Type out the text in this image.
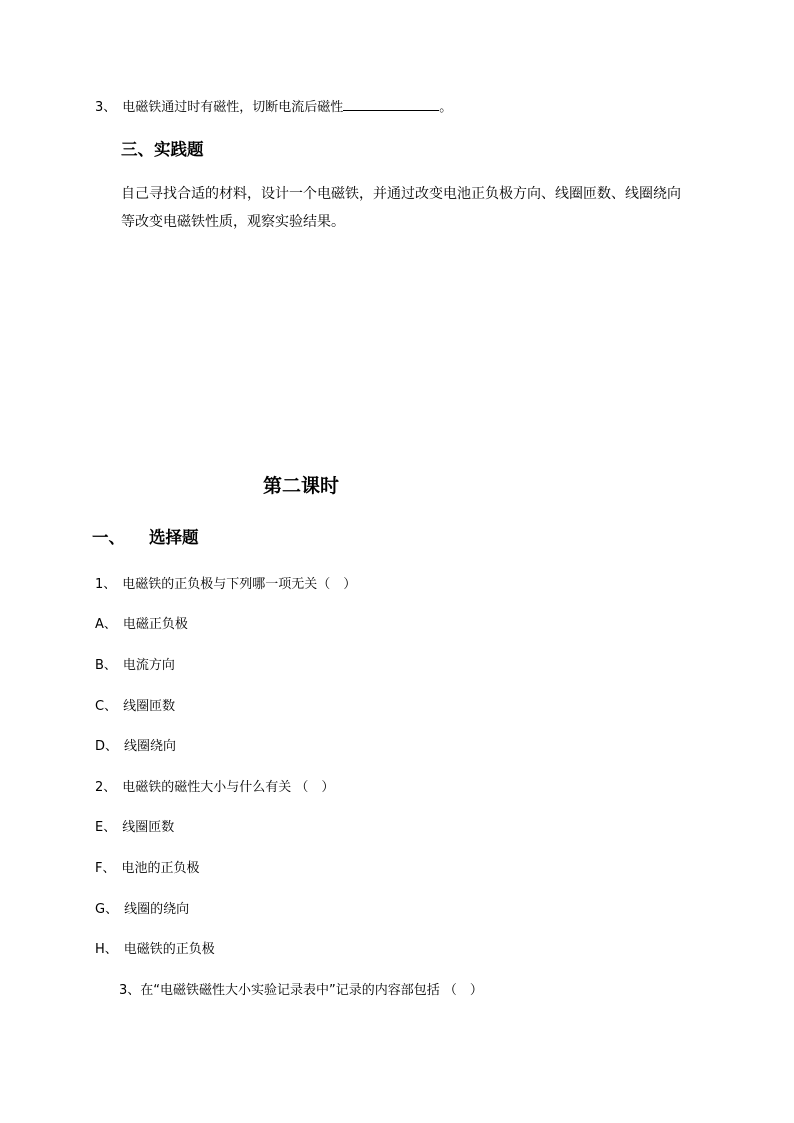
3、 电磁铁通过时有磁性，切断电流后磁性	。
三、实践题
自己寻找合适的材料，设计一个电磁铁，并通过改变电池正负极方向、线圈匝数、线圈绕向
等改变电磁铁性质，观察实验结果。
第二课时
一、 选择题
1、 电磁铁的正负极与下列哪一项无关（　）
A、 电磁正负极
B、 电流方向
C、 线圈匝数
D、 线圈绕向
2、 电磁铁的磁性大小与什么有关 （　）
E、 线圈匝数
F、 电池的正负极
G、 线圈的绕向
H、 电磁铁的正负极
3、在“电磁铁磁性大小实验记录表中”记录的内容部包括 （　）
